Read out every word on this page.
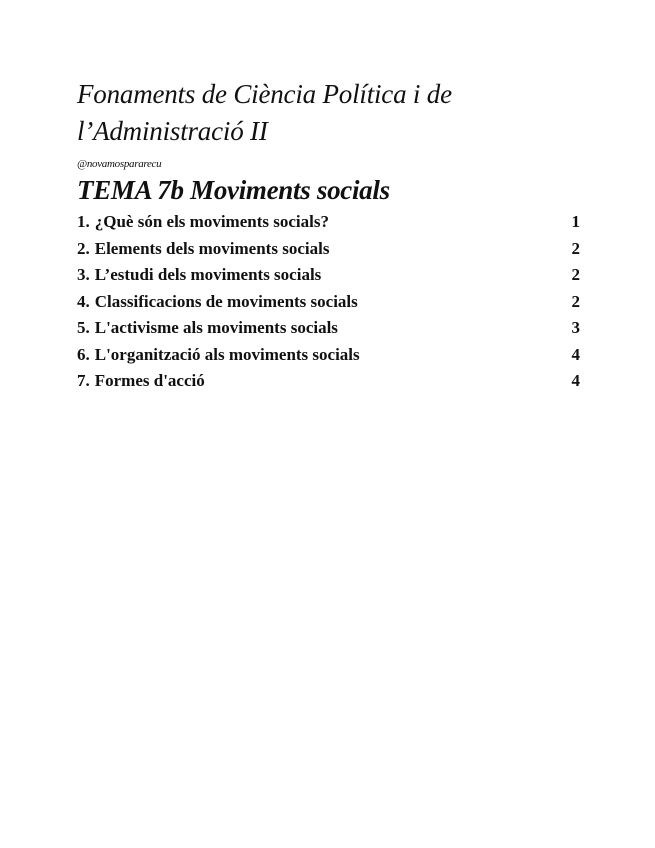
Fonaments de Ciència Política i de
l’Administració II
@novamospararecu
TEMA 7b Moviments socials
1. ¿Què són els moviments socials?	1
2. Elements dels moviments socials	2
3. L’estudi dels moviments socials	2
4. Classificacions de moviments socials	2
5. L'activisme als moviments socials	3
6. L'organització als moviments socials	4
7. Formes d'acció	4
